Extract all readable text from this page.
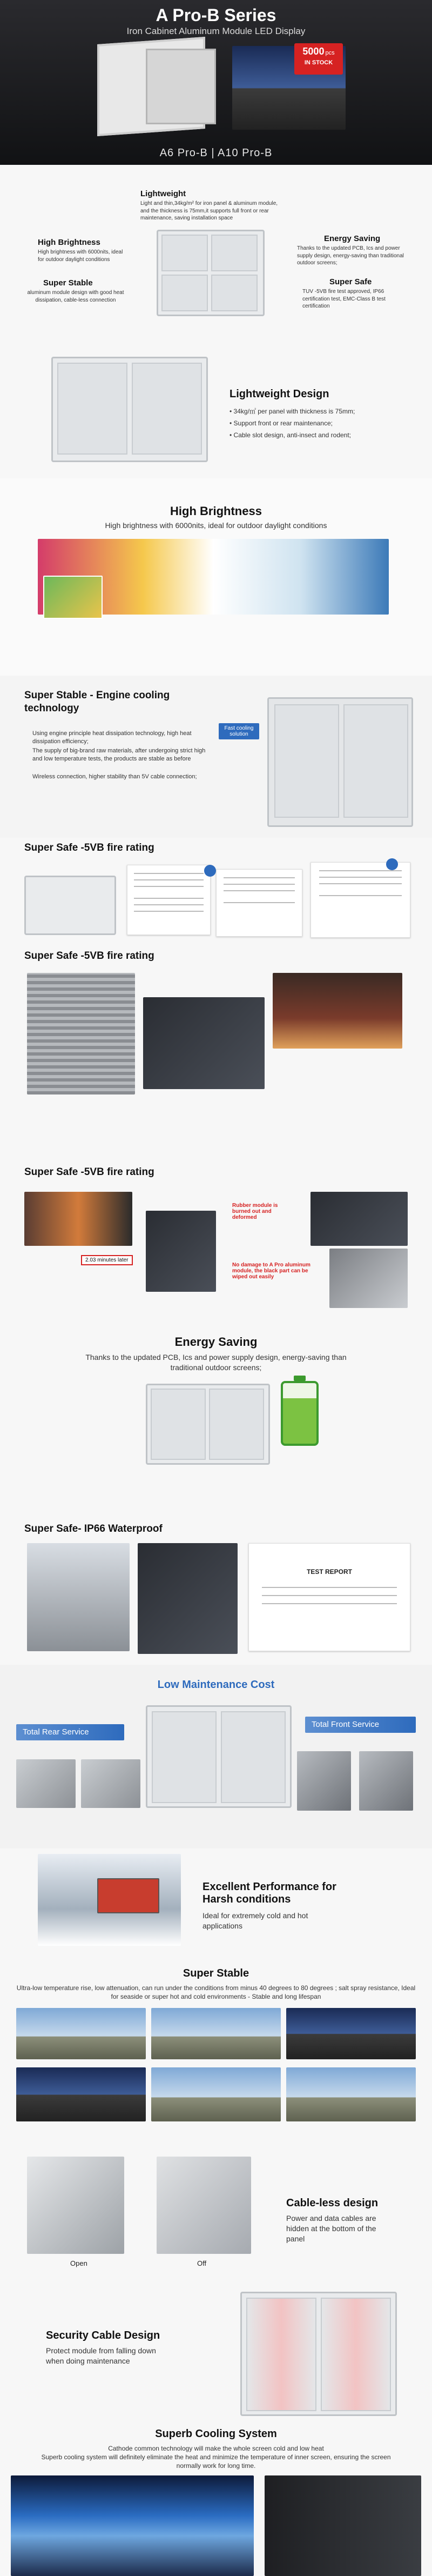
A Pro-B Series
Iron Cabinet Aluminum Module LED Display
5000 pcs
IN STOCK
A6 Pro-B | A10 Pro-B
Lightweight
Light and thin,34kg/m² for iron panel & aluminum module, and the thickness is 75mm,it supports full front or rear maintenance, saving installation space
High Brightness
High brightness with 6000nits, ideal for outdoor daylight conditions
Super Stable
aluminum module design with good heat dissipation, cable-less connection
Energy Saving
Thanks to the updated PCB, Ics and power supply design, energy-saving than traditional outdoor screens;
Super Safe
TUV -5VB fire test approved, IP66 certification test, EMC-Class B test certification
Lightweight Design
• 34kg/㎡ per panel with thickness is 75mm;
• Support front or rear maintenance;
• Cable slot design, anti-insect and rodent;
High Brightness
High brightness with 6000nits, ideal for outdoor daylight conditions
Super Stable - Engine cooling technology
Using engine principle heat dissipation technology, high heat dissipation efficiency;
The supply of big-brand raw materials, after undergoing strict high and low temperature tests, the products are stable as before
Wireless connection, higher stability than 5V cable connection;
Fast cooling solution
Super Safe -5VB fire rating
Super Safe -5VB fire rating
Super Safe -5VB fire rating
2.03 minutes later
Rubber module is burned out and deformed
No damage to A Pro aluminum module, the black part can be wiped out easily
Energy Saving
Thanks to the updated PCB, Ics and power supply design, energy-saving than traditional outdoor screens;
Super Safe- IP66 Waterproof
TEST REPORT
Low Maintenance Cost
Total Rear Service
Total Front Service
Excellent Performance for Harsh conditions
Ideal for extremely cold and hot applications
Super Stable
Ultra-low temperature rise, low attenuation, can run under the conditions from minus 40 degrees to 80 degrees ; salt spray resistance, Ideal for seaside or super hot and cold environments - Stable and long lifespan
Open	Off
Cable-less design
Power and data cables are hidden at the bottom of the panel
Security Cable Design
Protect module from falling down when doing maintenance
Superb Cooling System
Cathode common technology will make the whole screen cold and low heat
Superb cooling system will definitely eliminate the heat and minimize the temperature of inner screen, ensuring the screen normally work for long time.
